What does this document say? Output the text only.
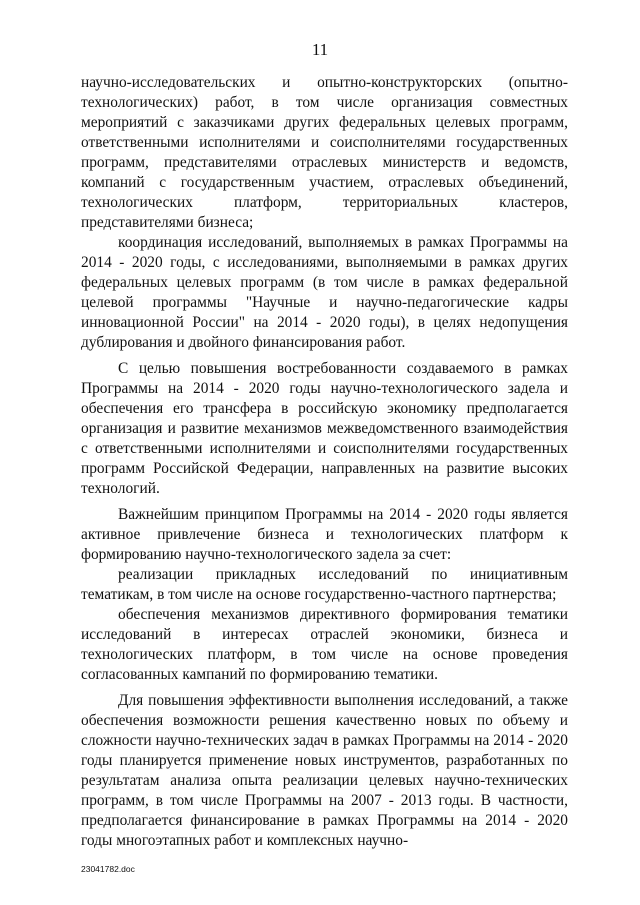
11

научно-исследовательских и опытно-конструкторских (опытно-технологических) работ, в том числе организация совместных мероприятий с заказчиками других федеральных целевых программ, ответственными исполнителями и соисполнителями государственных программ, представителями отраслевых министерств и ведомств, компаний с государственным участием, отраслевых объединений, технологических платформ, территориальных кластеров, представителями бизнеса;

координация исследований, выполняемых в рамках Программы на 2014 - 2020 годы, с исследованиями, выполняемыми в рамках других федеральных целевых программ (в том числе в рамках федеральной целевой программы "Научные и научно-педагогические кадры инновационной России" на 2014 - 2020 годы), в целях недопущения дублирования и двойного финансирования работ.

С целью повышения востребованности создаваемого в рамках Программы на 2014 - 2020 годы научно-технологического задела и обеспечения его трансфера в российскую экономику предполагается организация и развитие механизмов межведомственного взаимодействия с ответственными исполнителями и соисполнителями государственных программ Российской Федерации, направленных на развитие высоких технологий.

Важнейшим принципом Программы на 2014 - 2020 годы является активное привлечение бизнеса и технологических платформ к формированию научно-технологического задела за счет:

реализации прикладных исследований по инициативным тематикам, в том числе на основе государственно-частного партнерства;

обеспечения механизмов директивного формирования тематики исследований в интересах отраслей экономики, бизнеса и технологических платформ, в том числе на основе проведения согласованных кампаний по формированию тематики.

Для повышения эффективности выполнения исследований, а также обеспечения возможности решения качественно новых по объему и сложности научно-технических задач в рамках Программы на 2014 - 2020 годы планируется применение новых инструментов, разработанных по результатам анализа опыта реализации целевых научно-технических программ, в том числе Программы на 2007 - 2013 годы. В частности, предполагается финансирование в рамках Программы на 2014 - 2020 годы многоэтапных работ и комплексных научно-

23041782.doc
